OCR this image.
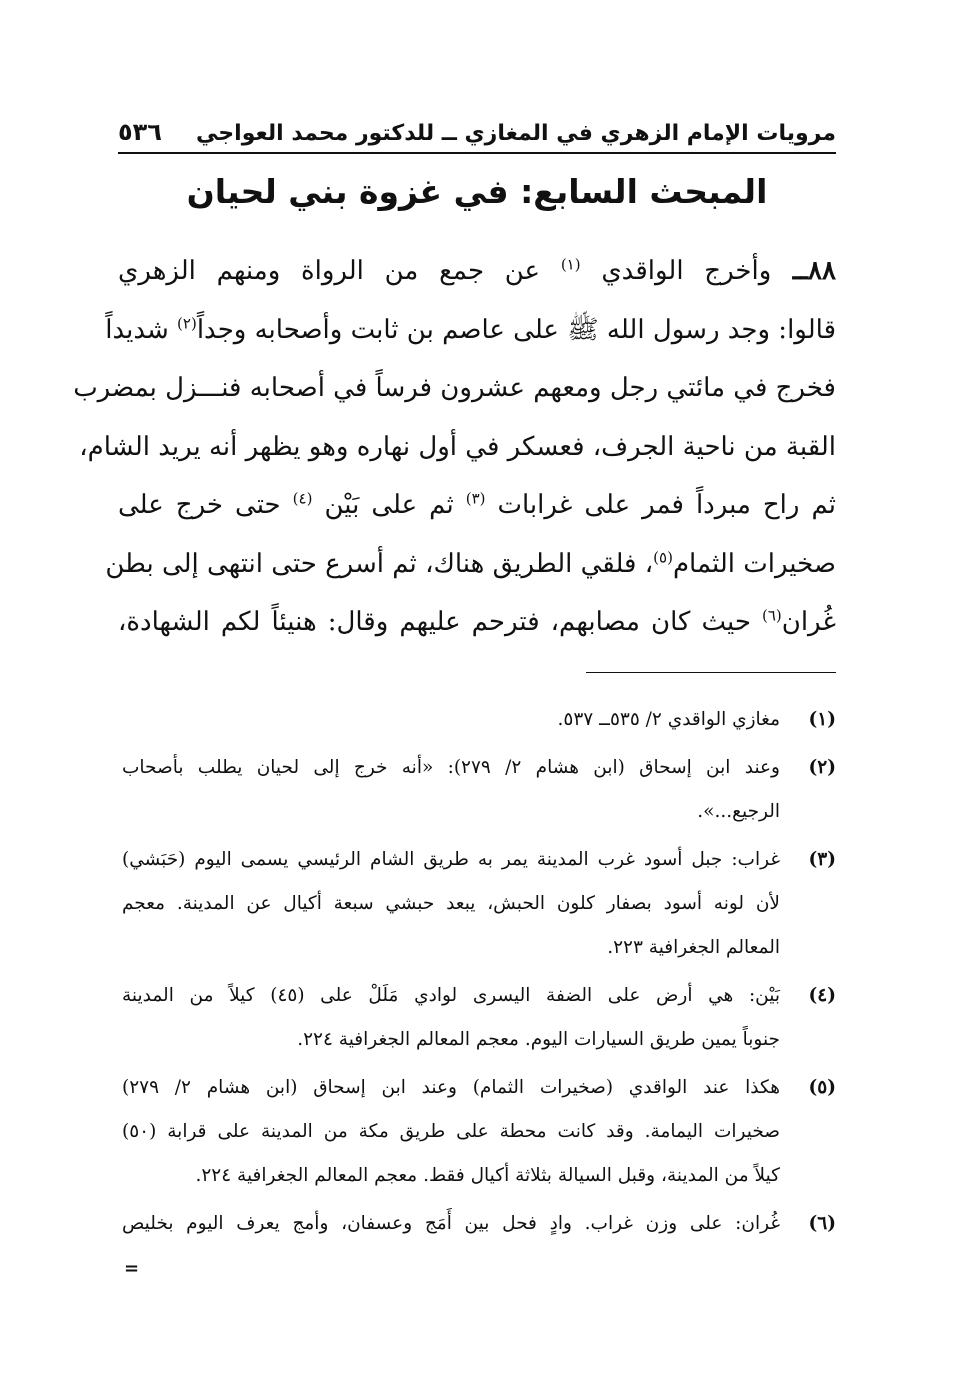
مرويات الإمام الزهري في المغازي ــ للدكتور محمد العواجي
٥٣٦
المبحث السابع: في غزوة بني لحيان
٨٨ــ وأخرج الواقدي $^{(١)}$ عن جمع من الرواة ومنهم الزهري
قالوا: وجد رسول الله ﷺ على عاصم بن ثابت وأصحابه وجداً$^{(٢)}$ شديداً
فخرج في مائتي رجل ومعهم عشرون فرساً في أصحابه فنـــزل بمضرب
القبة من ناحية الجرف، فعسكر في أول نهاره وهو يظهر أنه يريد الشام،
ثم راح مبرداً فمر على غرابات $^{(٣)}$ ثم على بَيْن $^{(٤)}$ حتى خرج على
صخيرات الثمام$^{(٥)}$، فلقي الطريق هناك، ثم أسرع حتى انتهى إلى بطن
غُران$^{(٦)}$ حيث كان مصابهم، فترحم عليهم وقال: هنيئاً لكم الشهادة،
(١)
مغازي الواقدي ٢/ ٥٣٥ــ ٥٣٧.
(٢)
وعند ابن إسحاق (ابن هشام ٢/ ٢٧٩): «أنه خرج إلى لحيان يطلب بأصحاب
الرجيع...».
(٣)
غراب: جبل أسود غرب المدينة يمر به طريق الشام الرئيسي يسمى اليوم (حَبَشي)
لأن لونه أسود بصفار كلون الحبش، يبعد حبشي سبعة أكيال عن المدينة. معجم
المعالم الجغرافية ٢٢٣.
(٤)
بَيْن: هي أرض على الضفة اليسرى لوادي مَلَلْ على (٤٥) كيلاً من المدينة
جنوباً يمين طريق السيارات اليوم. معجم المعالم الجغرافية ٢٢٤.
(٥)
هكذا عند الواقدي (صخيرات الثمام) وعند ابن إسحاق (ابن هشام ٢/ ٢٧٩)
صخيرات اليمامة. وقد كانت محطة على طريق مكة من المدينة على قرابة (٥٠)
كيلاً من المدينة، وقبل السيالة بثلاثة أكيال فقط. معجم المعالم الجغرافية ٢٢٤.
(٦)
غُران: على وزن غراب. وادٍ فحل بين أَمَج وعسفان، وأمج يعرف اليوم بخليص
=
